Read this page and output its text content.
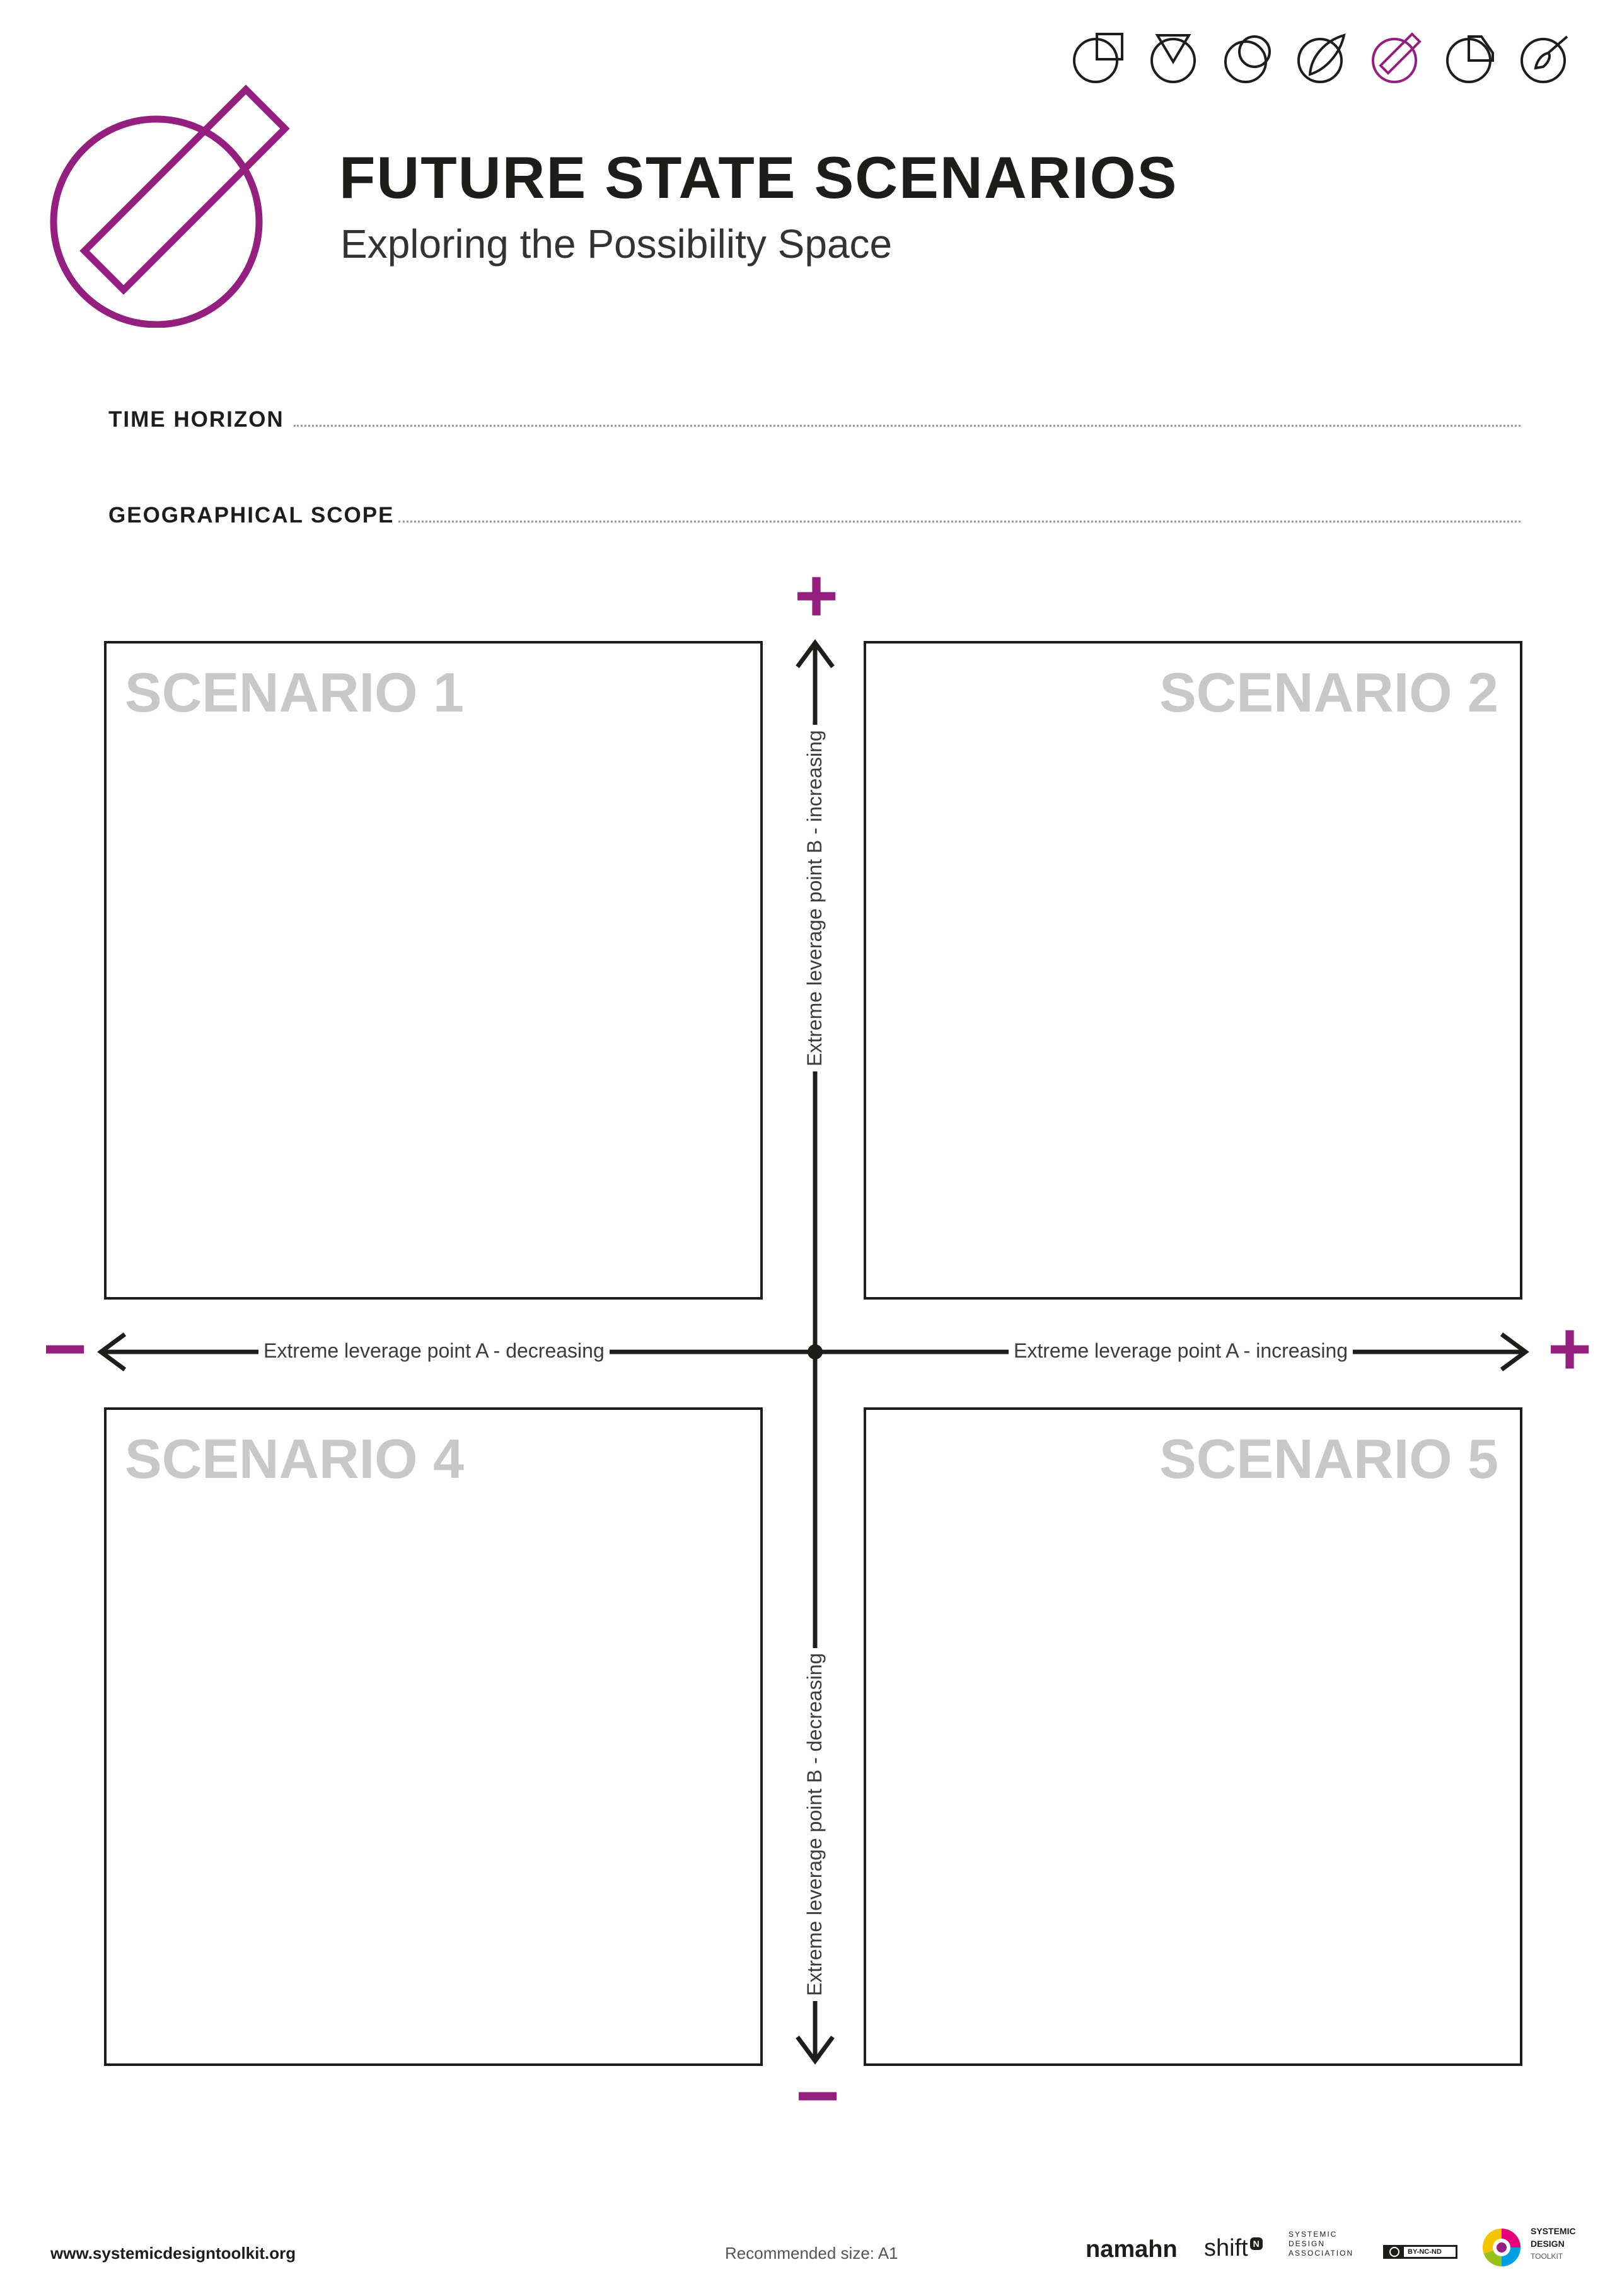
FUTURE STATE SCENARIOS
Exploring the Possibility Space
TIME HORIZON
GEOGRAPHICAL SCOPE
SCENARIO 1	SCENARIO 2
SCENARIO 4	SCENARIO 5
+
−
−	+
Extreme leverage point A - decreasing	Extreme leverage point A - increasing
Extreme leverage point B - increasing
Extreme leverage point B - decreasing
www.systemicdesigntoolkit.org	Recommended size: A1	namahn shift N
SYSTEMIC
DESIGN
ASSOCIATION	BY-NC-ND
SYSTEMIC
DESIGN
TOOLKIT
